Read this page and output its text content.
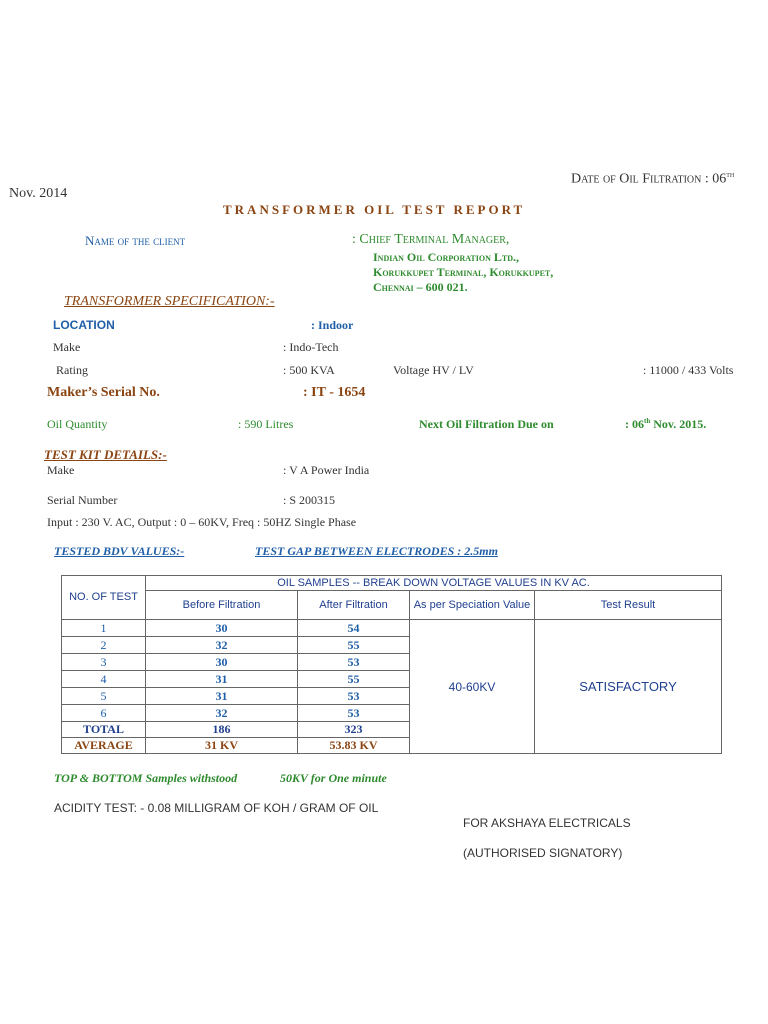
Date of Oil Filtration : 06th
Nov. 2014
TRANSFORMER OIL TEST REPORT
Name of the client	: Chief Terminal Manager,
Indian Oil Corporation Ltd.,
Korukkupet Terminal, Korukkupet,
Chennai – 600 021.
TRANSFORMER SPECIFICATION:-
LOCATION	: Indoor
Make	: Indo-Tech
Rating	: 500 KVA	Voltage HV / LV	: 11000 / 433 Volts
Maker’s Serial No.	: IT - 1654
Oil Quantity	: 590 Litres	Next Oil Filtration Due on	: 06th Nov. 2015.
TEST KIT DETAILS:-
Make	: V A Power India
Serial Number	: S 200315
Input : 230 V. AC, Output : 0 – 60KV, Freq : 50HZ Single Phase
TESTED BDV VALUES:-	TEST GAP BETWEEN ELECTRODES : 2.5mm
NO. OF TEST	OIL SAMPLES -- BREAK DOWN VOLTAGE VALUES IN KV AC.			
	Before Filtration	After Filtration	As per Speciation Value	Test Result
1	30	54	40-60KV	SATISFACTORY
2	32	55		
3	30	53		
4	31	55		
5	31	53		
6	32	53		
TOTAL	186	323		
AVERAGE	31 KV	53.83 KV		
TOP & BOTTOM Samples withstood	50KV for One minute
ACIDITY TEST: - 0.08 MILLIGRAM OF KOH / GRAM OF OIL
FOR AKSHAYA ELECTRICALS
(AUTHORISED SIGNATORY)
